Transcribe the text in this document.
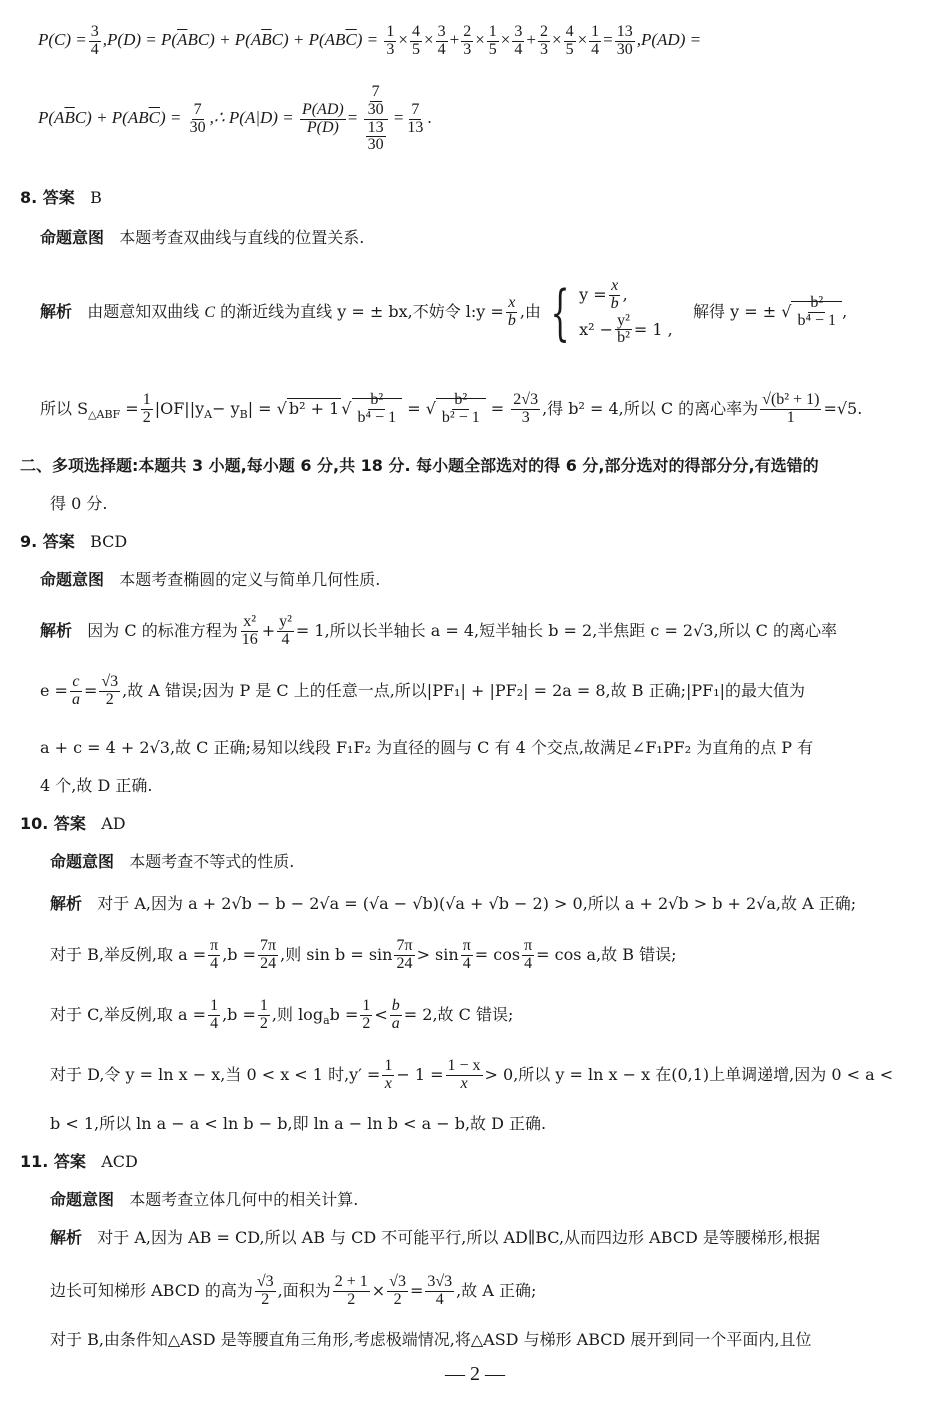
$P(C) = \frac{3}{4} ,P(D) = P(\overline{A}BC) + P(A\overline{B}C) + P(AB\overline{C}) = \frac{1}{3} \times \frac{4}{5} \times \frac{3}{4} + \frac{2}{3} \times \frac{1}{5} \times \frac{3}{4} + \frac{2}{3} \times \frac{4}{5} \times \frac{1}{4} = \frac{13}{30} ,P(AD)$ =
$P(A\overline{B}C) + P(AB\overline{C}) = \frac{7}{30}$ ,∴ $P(A|D) = \frac{P(AD)}{P(D)} = \frac{\frac{7}{30}}{\frac{13}{30}} = \frac{7}{13}$ .
8. 答案 B
命题意图 本题考查双曲线与直线的位置关系.
解析 由题意知双曲线 C 的渐近线为直线 y = ± bx,不妨令 l:y = $\frac{x}{b}$ ,由 { $y = \frac{x}{b}$ ,
$x^2 - \frac{\text{y²}}{\text{b²}} = 1$ ,
解得 y = ± √ $\frac{\text{b²}}{\text{b⁴ − 1}}$ ,
所以 $S_{\triangle ABF} = \frac{1}{2} |OF||y_A- y_B|$ = √ b² + 1 √ $\frac{\text{b²}}{\text{b⁴ − 1}}$ = √ $\frac{\text{b²}}{\text{b² − 1}} = \frac{2√3}{3}$ ,得 b² = 4,所以 C 的离心率为 $\frac{\text{√(b² + 1)}}{1} =√5$.
二、多项选择题:本题共 3 小题,每小题 6 分,共 18 分. 每小题全部选对的得 6 分,部分选对的得部分分,有选错的
得 0 分.
9. 答案 BCD
命题意图 本题考查椭圆的定义与简单几何性质.
解析 因为 C 的标准方程为 $\frac{\text{x²}}{16} + \frac{\text{y²}}{4} = 1$,所以长半轴长 a = 4,短半轴长 b = 2,半焦距 c = 2√3,所以 C 的离心率
$e = \frac{c}{a} = \frac{√3}{2}$ ,故 A 错误;因为 P 是 C 上的任意一点,所以|PF₁| + |PF₂| = 2a = 8,故 B 正确;|PF₁|的最大值为
a + c = 4 + 2√3,故 C 正确;易知以线段 F₁F₂ 为直径的圆与 C 有 4 个交点,故满足∠F₁PF₂ 为直角的点 P 有
4 个,故 D 正确.
10. 答案 AD
命题意图 本题考查不等式的性质.
解析 对于 A,因为 a + 2√b − b − 2√a = (√a − √b)(√a + √b − 2) > 0,所以 a + 2√b > b + 2√a,故 A 正确;
对于 B,举反例,取 $a = \frac{\pi}{4} ,b = \frac{7\pi}{24}$ ,则 $\sin b = \sin \frac{7\pi}{24} > \sin \frac{\pi}{4} = \cos \frac{\pi}{4} = \cos a$,故 B 错误;
对于 C,举反例,取 $a = \frac{1}{4} ,b = \frac{1}{2}$ ,则 $\log_ab = \frac{1}{2} < \frac{b}{a} = 2$,故 C 错误;
对于 D,令 y = ln x − x,当 0 < x < 1 时$,y' = \frac{1}{x} - 1 = \frac{1 - x}{x} > 0$,所以 y = ln x − x 在(0,1)上单调递增,因为 0 < a <
b < 1,所以 ln a − a < ln b − b,即 ln a − ln b < a − b,故 D 正确.
11. 答案 ACD
命题意图 本题考查立体几何中的相关计算.
解析 对于 A,因为 AB = CD,所以 AB 与 CD 不可能平行,所以 AD∥BC,从而四边形 ABCD 是等腰梯形,根据
边长可知梯形 ABCD 的高为 $\frac{√3}{2}$ ,面积为 $\frac{2 + 1}{2} \times \frac{√3}{2} = \frac{3√3}{4}$ ,故 A 正确;
对于 B,由条件知△ASD 是等腰直角三角形,考虑极端情况,将△ASD 与梯形 ABCD 展开到同一个平面内,且位
— 2 —
